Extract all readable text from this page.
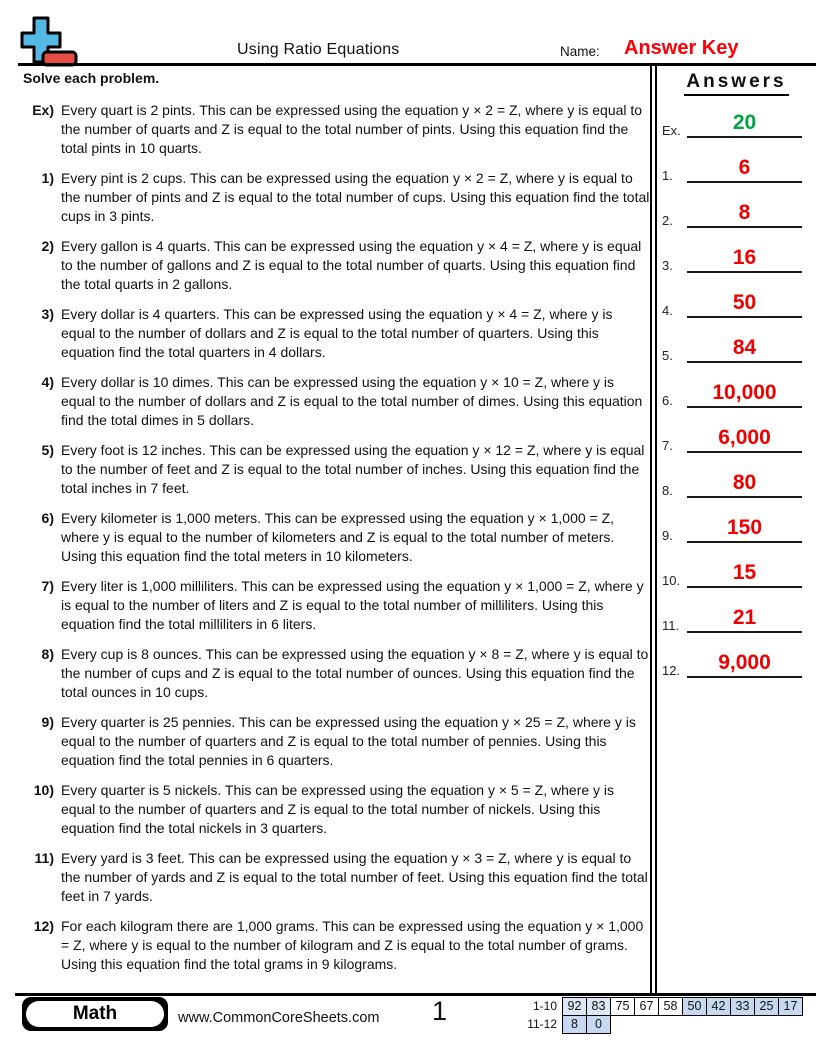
Using Ratio Equations	Name: Answer Key
Solve each problem.
Ex) Every quart is 2 pints. This can be expressed using the equation y × 2 = Z, where y is equal to the number of quarts and Z is equal to the total number of pints. Using this equation find the total pints in 10 quarts.
1) Every pint is 2 cups. This can be expressed using the equation y × 2 = Z, where y is equal to the number of pints and Z is equal to the total number of cups. Using this equation find the total cups in 3 pints.
2) Every gallon is 4 quarts. This can be expressed using the equation y × 4 = Z, where y is equal to the number of gallons and Z is equal to the total number of quarts. Using this equation find the total quarts in 2 gallons.
3) Every dollar is 4 quarters. This can be expressed using the equation y × 4 = Z, where y is equal to the number of dollars and Z is equal to the total number of quarters. Using this equation find the total quarters in 4 dollars.
4) Every dollar is 10 dimes. This can be expressed using the equation y × 10 = Z, where y is equal to the number of dollars and Z is equal to the total number of dimes. Using this equation find the total dimes in 5 dollars.
5) Every foot is 12 inches. This can be expressed using the equation y × 12 = Z, where y is equal to the number of feet and Z is equal to the total number of inches. Using this equation find the total inches in 7 feet.
6) Every kilometer is 1,000 meters. This can be expressed using the equation y × 1,000 = Z, where y is equal to the number of kilometers and Z is equal to the total number of meters. Using this equation find the total meters in 10 kilometers.
7) Every liter is 1,000 milliliters. This can be expressed using the equation y × 1,000 = Z, where y is equal to the number of liters and Z is equal to the total number of milliliters. Using this equation find the total milliliters in 6 liters.
8) Every cup is 8 ounces. This can be expressed using the equation y × 8 = Z, where y is equal to the number of cups and Z is equal to the total number of ounces. Using this equation find the total ounces in 10 cups.
9) Every quarter is 25 pennies. This can be expressed using the equation y × 25 = Z, where y is equal to the number of quarters and Z is equal to the total number of pennies. Using this equation find the total pennies in 6 quarters.
10) Every quarter is 5 nickels. This can be expressed using the equation y × 5 = Z, where y is equal to the number of quarters and Z is equal to the total number of nickels. Using this equation find the total nickels in 3 quarters.
11) Every yard is 3 feet. This can be expressed using the equation y × 3 = Z, where y is equal to the number of yards and Z is equal to the total number of feet. Using this equation find the total feet in 7 yards.
12) For each kilogram there are 1,000 grams. This can be expressed using the equation y × 1,000 = Z, where y is equal to the number of kilogram and Z is equal to the total number of grams. Using this equation find the total grams in 9 kilograms.
Answers
Ex.	20
1.	6
2.	8
3.	16
4.	50
5.	84
6.	10,000
7.	6,000
8.	80
9.	150
10.	15
11.	21
12.	9,000
Math	www.CommonCoreSheets.com 1	1-10 92 83 75 67 58 50 42 33 25 17
11-12	8	0
